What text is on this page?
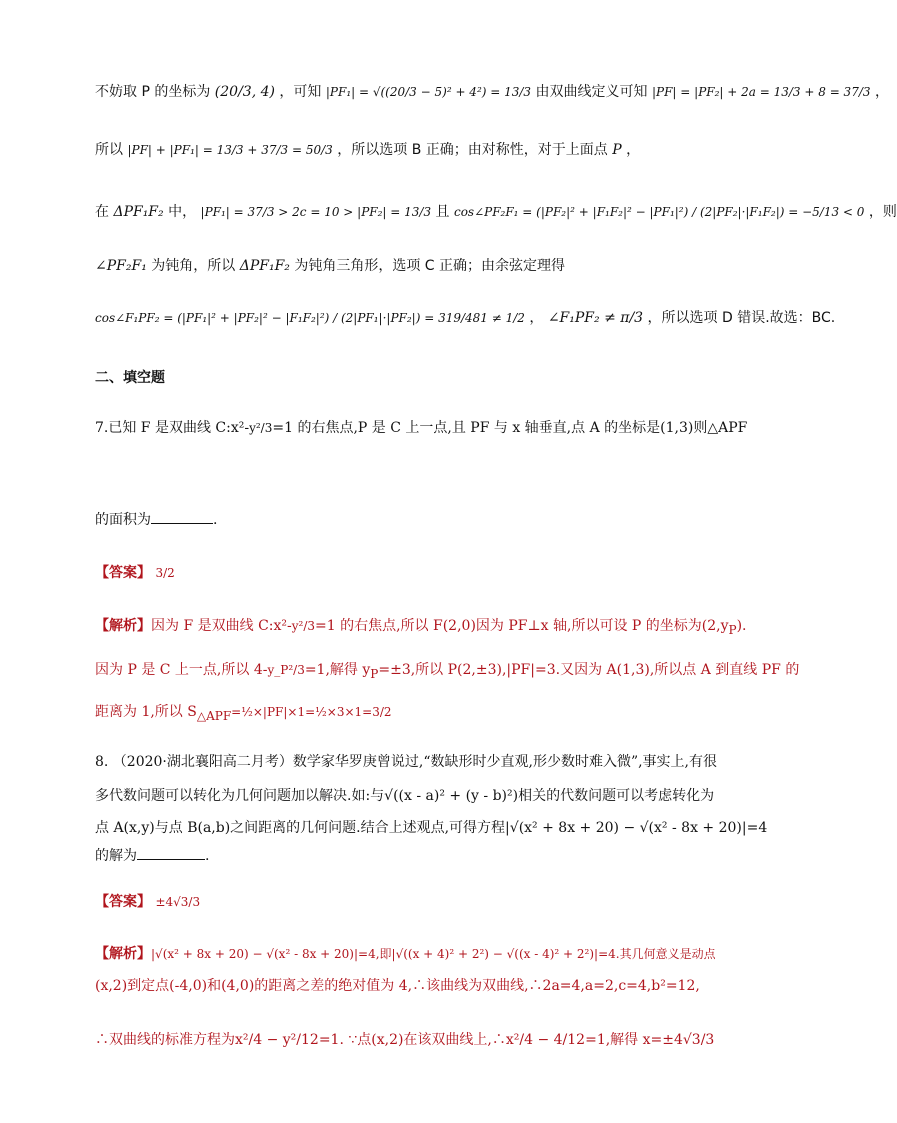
不妨取 P 的坐标为 (20/3, 4) ，可知 |PF₁| = √((20/3 − 5)² + 4²) = 13/3 由双曲线定义可知 |PF| = |PF₂| + 2a = 13/3 + 8 = 37/3 ，
所以 |PF| + |PF₁| = 13/3 + 37/3 = 50/3 ，所以选项 B 正确；由对称性，对于上面点 P ，
在 ΔPF₁F₂ 中， |PF₁| = 37/3 > 2c = 10 > |PF₂| = 13/3 且 cos∠PF₂F₁ = (|PF₂|² + |F₁F₂|² − |PF₁|²) / (2|PF₂|·|F₁F₂|) = −5/13 < 0 ，则
∠PF₂F₁ 为钝角，所以 ΔPF₁F₂ 为钝角三角形，选项 C 正确；由余弦定理得
cos∠F₁PF₂ = (|PF₁|² + |PF₂|² − |F₁F₂|²) / (2|PF₁|·|PF₂|) = 319/481 ≠ 1/2 ， ∠F₁PF₂ ≠ π/3 ，所以选项 D 错误.故选：BC.
二、填空题
7.已知 F 是双曲线 C:x²-y²/3=1 的右焦点,P 是 C 上一点,且 PF 与 x 轴垂直,点 A 的坐标是(1,3)则△APF
的面积为	.
【答案】 3/2
【解析】因为 F 是双曲线 C:x²-y²/3=1 的右焦点,所以 F(2,0)因为 PF⊥x 轴,所以可设 P 的坐标为$(2,y_P)$.
因为 P 是 C 上一点,所以 4-y_P²/3=1,解得 $y_P=\pm 3$,所以 P(2,±3),|PF|=3.又因为 A(1,3),所以点 A 到直线 PF 的
距离为 1,所以 $S_{\triangle APF}=\frac{1}{2}\times|PF|\times 1=\frac{1}{2}\times 3\times 1=3/2$
8. （2020·湖北襄阳高二月考）数学家华罗庚曾说过,“数缺形时少直观,形少数时难入微”,事实上,有很
多代数问题可以转化为几何问题加以解决.如:与√((x - a)² + (y - b)²)相关的代数问题可以考虑转化为
点 A(x,y)与点 B(a,b)之间距离的几何问题.结合上述观点,可得方程|√(x² + 8x + 20) − √(x² - 8x + 20)|=4
的解为	.
【答案】 ±4√3/3
【解析】|√(x² + 8x + 20) − √(x² - 8x + 20)|=4,即|√((x + 4)² + 2²) − √((x - 4)² + 2²)|=4.其几何意义是动点
(x,2)到定点(-4,0)和(4,0)的距离之差的绝对值为 4,∴该曲线为双曲线,∴2a=4,a=2,c=4,b²=12,
∴双曲线的标准方程为x²/4 − y²/12=1. ∵点(x,2)在该双曲线上,∴x²/4 − 4/12=1,解得 x=±4√3/3
